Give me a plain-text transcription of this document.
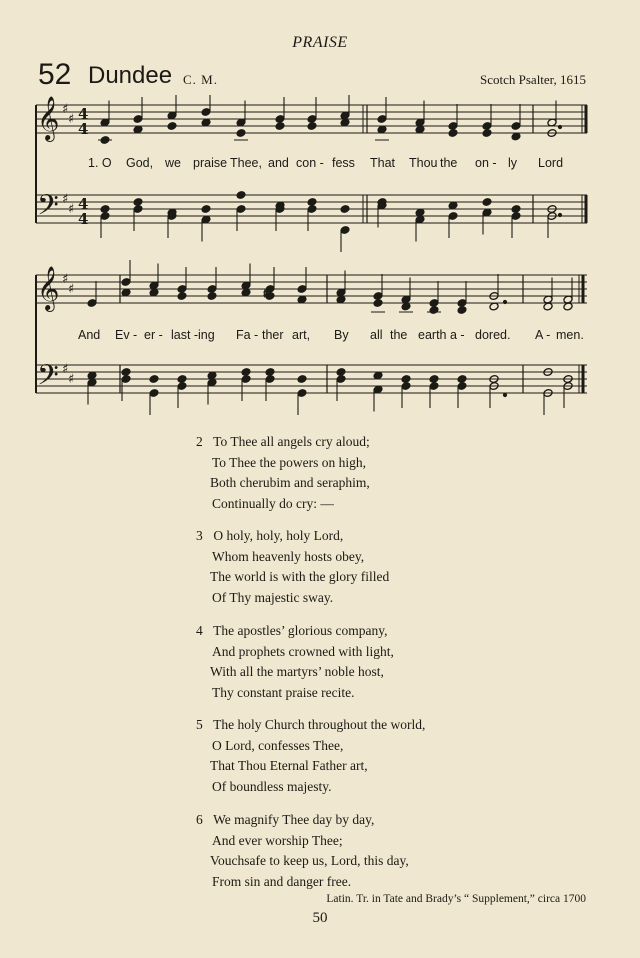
PRAISE
52 Dundee C. M.	Scotch Psalter, 1615
♯
𝄞
𝄢
𝄞
𝄢
♯
♯
♯
♯
♯
♯
♯
♯
4
4
4
4
1. O God, we praise Thee, and con - fess That Thou the on - ly Lord
And Ev - er - last - ing Fa - ther art, By all the earth a - dored. A - men.
2 To Thee all angels cry aloud;
To Thee the powers on high,
Both cherubim and seraphim,
Continually do cry: —
3 O holy, holy, holy Lord,
Whom heavenly hosts obey,
The world is with the glory filled
Of Thy majestic sway.
4 The apostles’ glorious company,
And prophets crowned with light,
With all the martyrs’ noble host,
Thy constant praise recite.
5 The holy Church throughout the world,
O Lord, confesses Thee,
That Thou Eternal Father art,
Of boundless majesty.
6 We magnify Thee day by day,
And ever worship Thee;
Vouchsafe to keep us, Lord, this day,
From sin and danger free.
Latin. Tr. in Tate and Brady’s “ Supplement,” circa 1700
50
